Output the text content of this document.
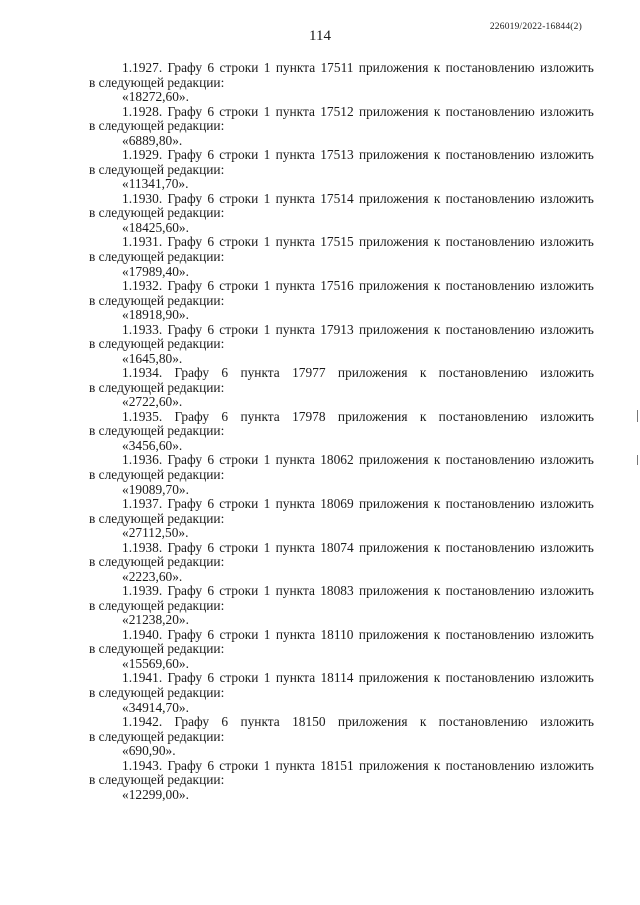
114
226019/2022-16844(2)
1.1927. Графу 6 строки 1 пункта 17511 приложения к постановлению изложить
в следующей редакции:
«18272,60».
1.1928. Графу 6 строки 1 пункта 17512 приложения к постановлению изложить
в следующей редакции:
«6889,80».
1.1929. Графу 6 строки 1 пункта 17513 приложения к постановлению изложить
в следующей редакции:
«11341,70».
1.1930. Графу 6 строки 1 пункта 17514 приложения к постановлению изложить
в следующей редакции:
«18425,60».
1.1931. Графу 6 строки 1 пункта 17515 приложения к постановлению изложить
в следующей редакции:
«17989,40».
1.1932. Графу 6 строки 1 пункта 17516 приложения к постановлению изложить
в следующей редакции:
«18918,90».
1.1933. Графу 6 строки 1 пункта 17913 приложения к постановлению изложить
в следующей редакции:
«1645,80».
1.1934. Графу 6 пункта 17977 приложения к постановлению изложить
в следующей редакции:
«2722,60».
1.1935. Графу 6 пункта 17978 приложения к постановлению изложить
в следующей редакции:
«3456,60».
1.1936. Графу 6 строки 1 пункта 18062 приложения к постановлению изложить
в следующей редакции:
«19089,70».
1.1937. Графу 6 строки 1 пункта 18069 приложения к постановлению изложить
в следующей редакции:
«27112,50».
1.1938. Графу 6 строки 1 пункта 18074 приложения к постановлению изложить
в следующей редакции:
«2223,60».
1.1939. Графу 6 строки 1 пункта 18083 приложения к постановлению изложить
в следующей редакции:
«21238,20».
1.1940. Графу 6 строки 1 пункта 18110 приложения к постановлению изложить
в следующей редакции:
«15569,60».
1.1941. Графу 6 строки 1 пункта 18114 приложения к постановлению изложить
в следующей редакции:
«34914,70».
1.1942. Графу 6 пункта 18150 приложения к постановлению изложить
в следующей редакции:
«690,90».
1.1943. Графу 6 строки 1 пункта 18151 приложения к постановлению изложить
в следующей редакции:
«12299,00».
